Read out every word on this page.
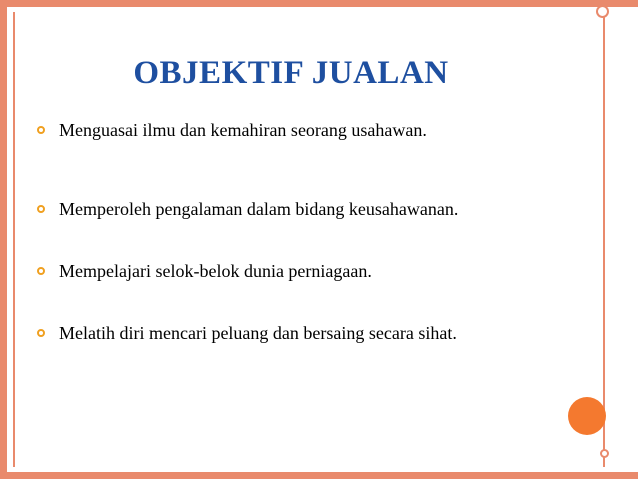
OBJEKTIF JUALAN
Menguasai ilmu dan kemahiran seorang usahawan.
Memperoleh pengalaman dalam bidang keusahawanan.
Mempelajari selok-belok dunia perniagaan.
Melatih diri mencari peluang dan bersaing secara sihat.
